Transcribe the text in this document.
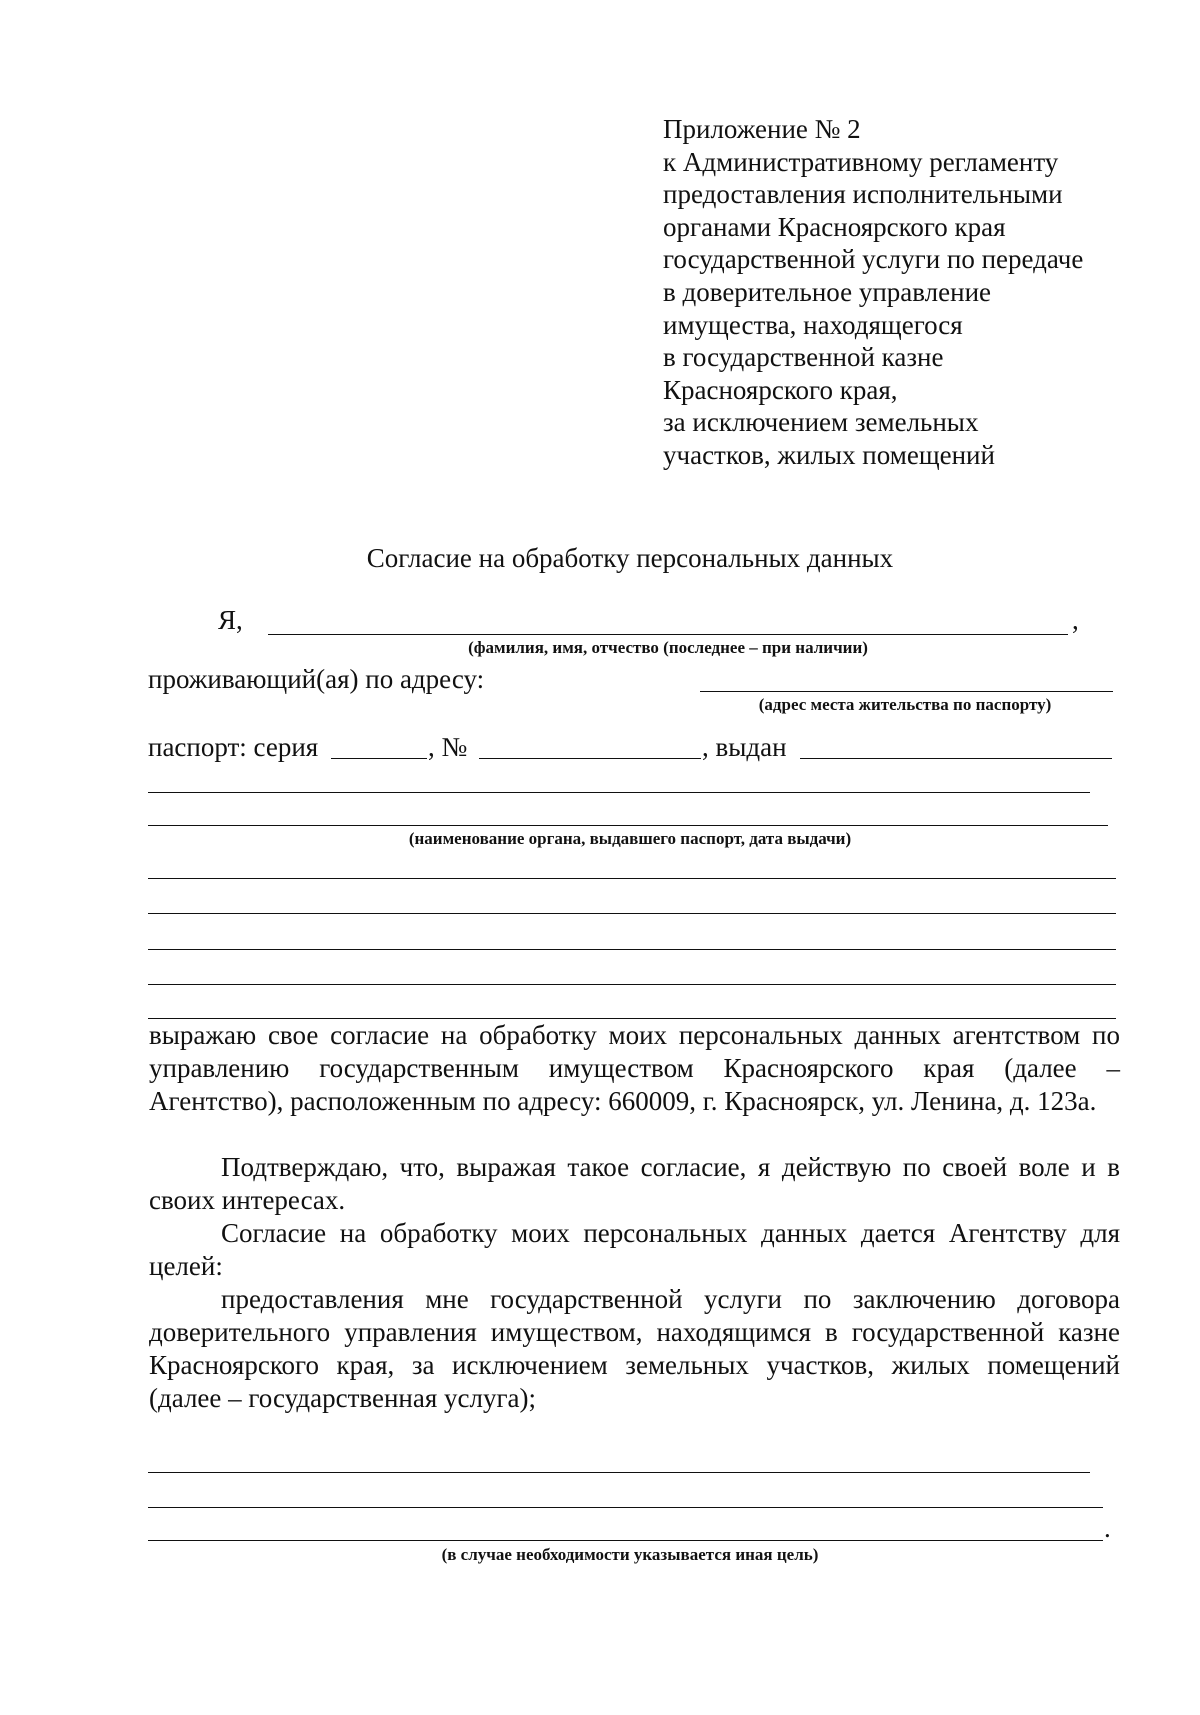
Приложение № 2
к Административному регламенту
предоставления исполнительными
органами Красноярского края
государственной услуги по передаче
в доверительное управление
имущества, находящегося
в государственной казне
Красноярского края,
за исключением земельных
участков, жилых помещений
Согласие на обработку персональных данных
Я,	,
(фамилия, имя, отчество (последнее – при наличии)
проживающий(ая) по адресу:
(адрес места жительства по паспорту)
паспорт: серия	, №	, выдан
(наименование органа, выдавшего паспорт, дата выдачи)
выражаю свое согласие на обработку моих персональных данных агентством по управлению государственным имуществом Красноярского края (далее – Агентство), расположенным по адресу: 660009, г. Красноярск, ул. Ленина, д. 123а.
Подтверждаю, что, выражая такое согласие, я действую по своей воле и в своих интересах.
Согласие на обработку моих персональных данных дается Агентству для целей:
предоставления мне государственной услуги по заключению договора доверительного управления имуществом, находящимся в государственной казне Красноярского края, за исключением земельных участков, жилых помещений (далее – государственная услуга);
.
(в случае необходимости указывается иная цель)
